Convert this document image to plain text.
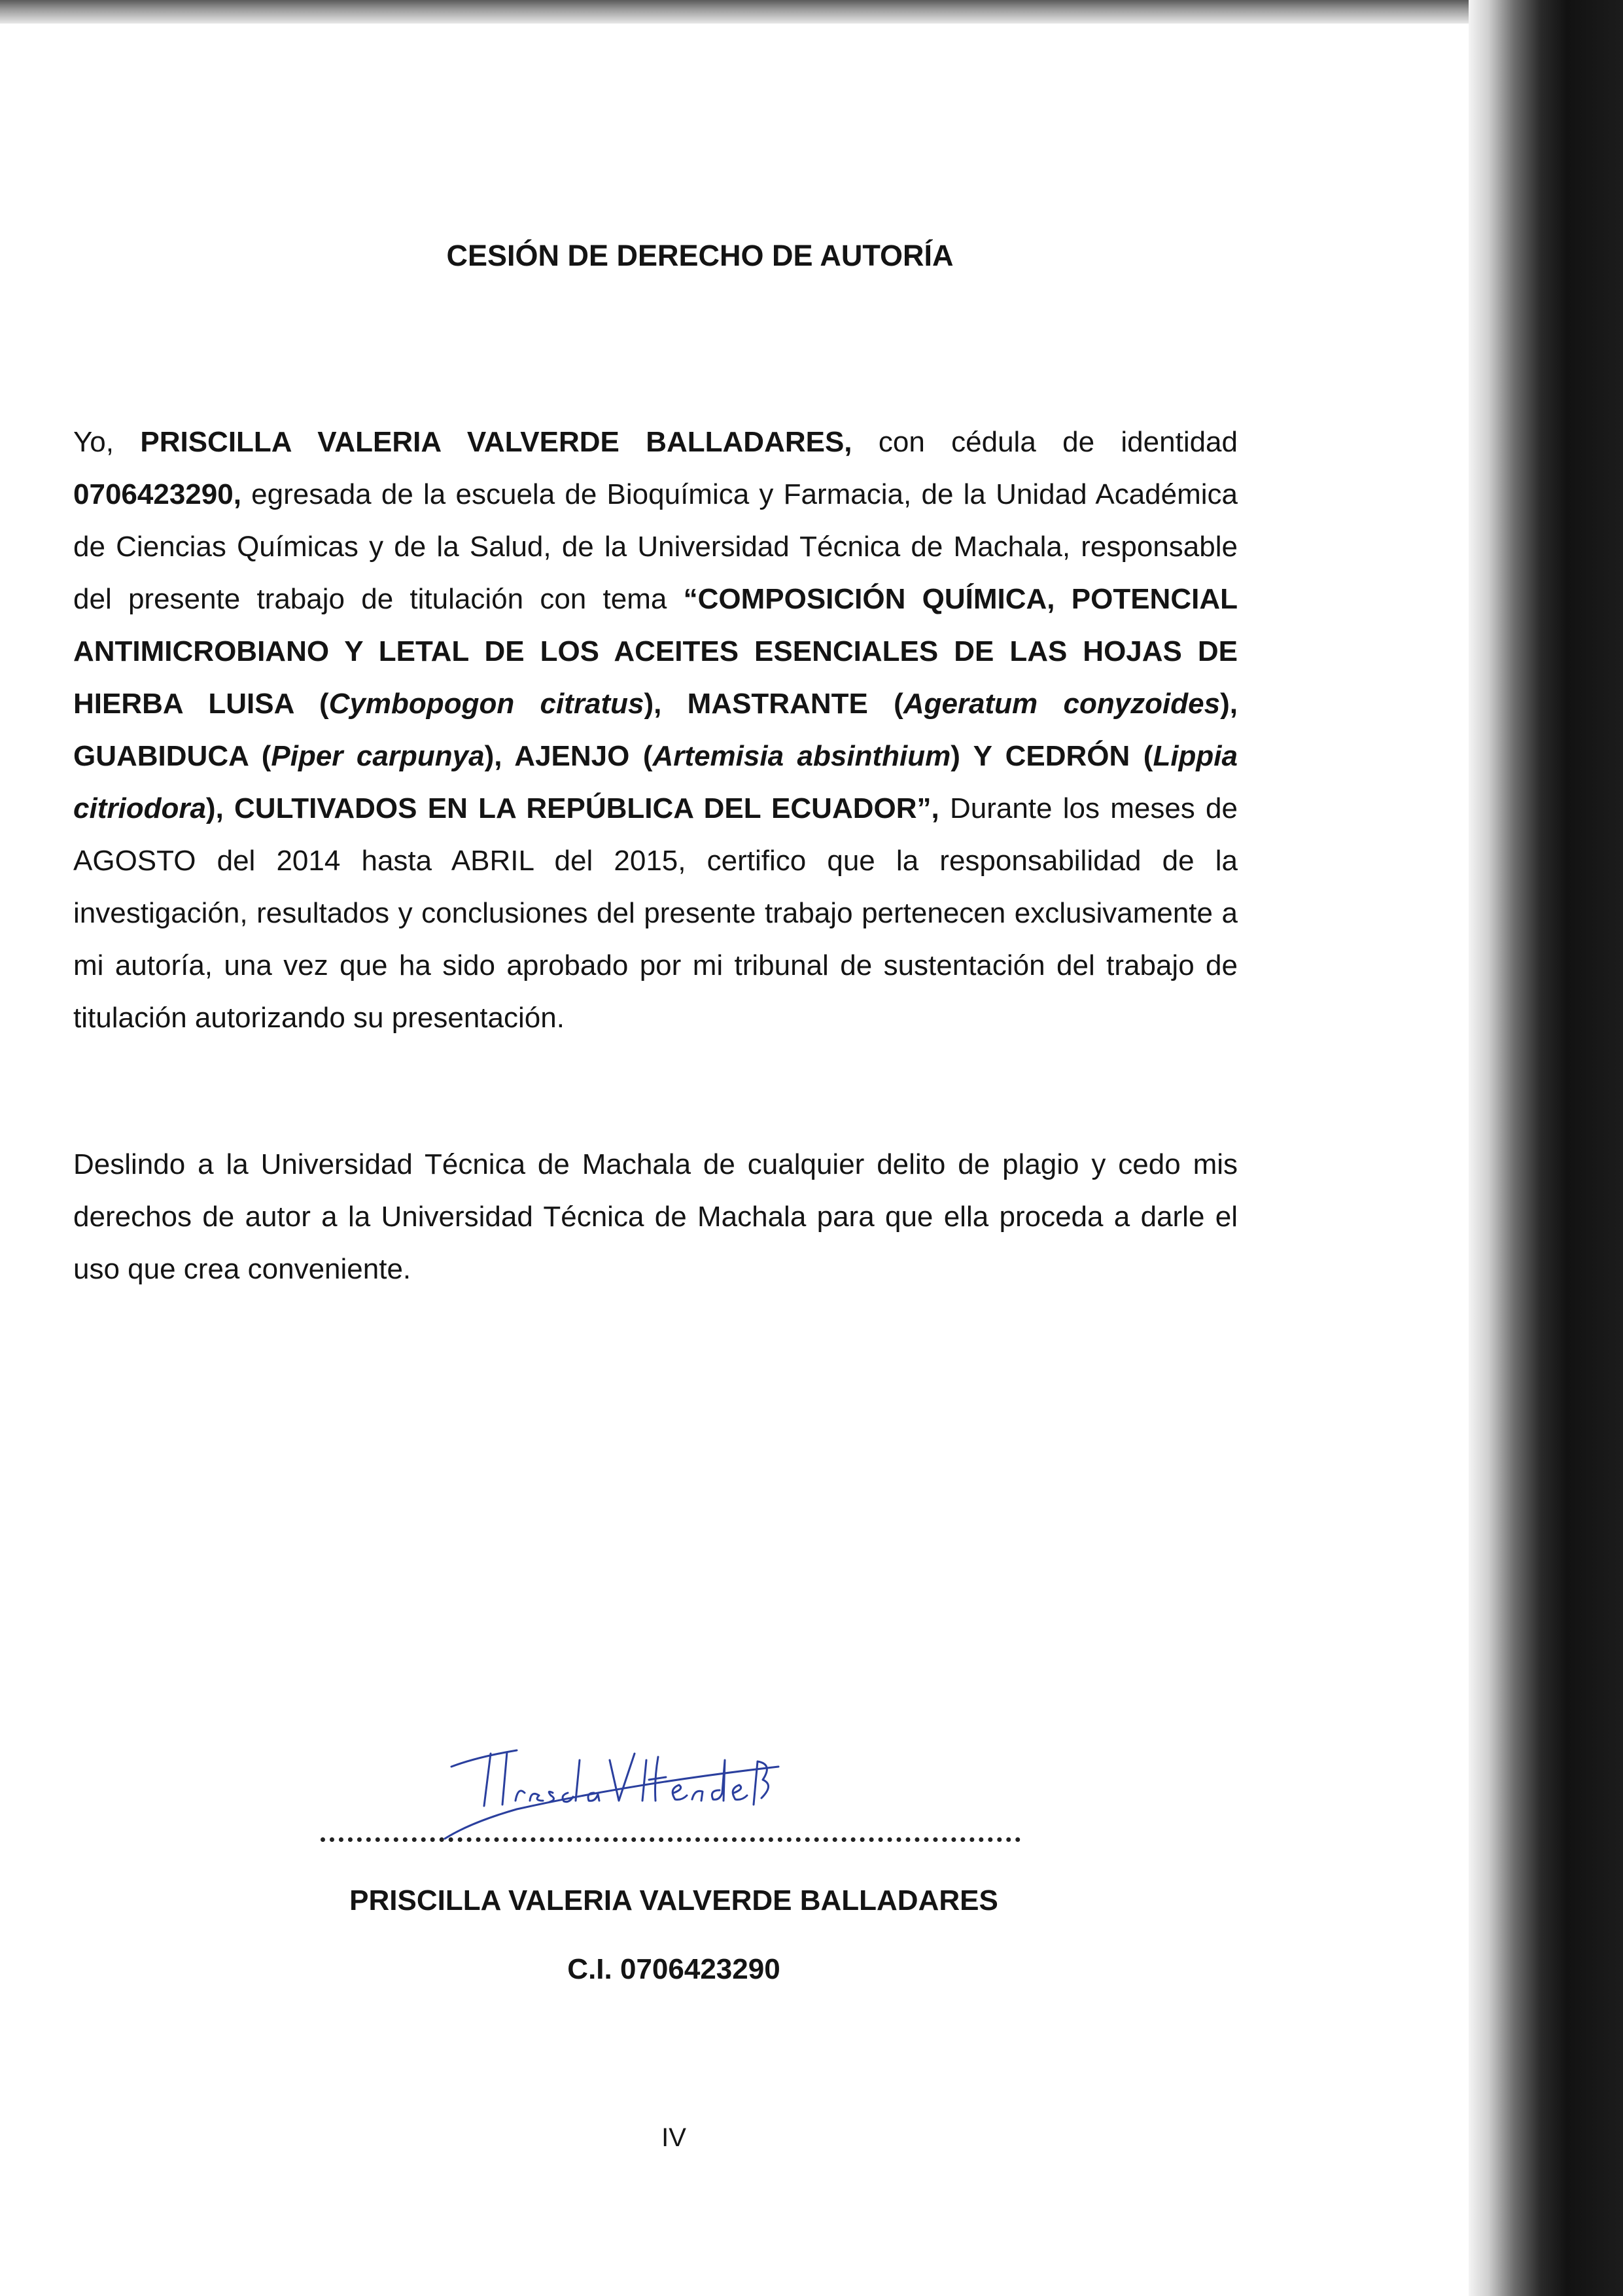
CESIÓN DE DERECHO DE AUTORÍA

Yo, PRISCILLA VALERIA VALVERDE BALLADARES, con cédula de identidad 0706423290, egresada de la escuela de Bioquímica y Farmacia, de la Unidad Académica de Ciencias Químicas y de la Salud, de la Universidad Técnica de Machala, responsable del presente trabajo de titulación con tema “COMPOSICIÓN QUÍMICA, POTENCIAL ANTIMICROBIANO Y LETAL DE LOS ACEITES ESENCIALES DE LAS HOJAS DE HIERBA LUISA (Cymbopogon citratus), MASTRANTE (Ageratum conyzoides), GUABIDUCA (Piper carpunya), AJENJO (Artemisia absinthium) Y CEDRÓN (Lippia citriodora), CULTIVADOS EN LA REPÚBLICA DEL ECUADOR”, Durante los meses de AGOSTO del 2014 hasta ABRIL del 2015, certifico que la responsabilidad de la investigación, resultados y conclusiones del presente trabajo pertenecen exclusivamente a mi autoría, una vez que ha sido aprobado por mi tribunal de sustentación del trabajo de titulación autorizando su presentación.

Deslindo a la Universidad Técnica de Machala de cualquier delito de plagio y cedo mis derechos de autor a la Universidad Técnica de Machala para que ella proceda a darle el uso que crea conveniente.

PRISCILLA VALERIA VALVERDE BALLADARES

C.I. 0706423290

IV
